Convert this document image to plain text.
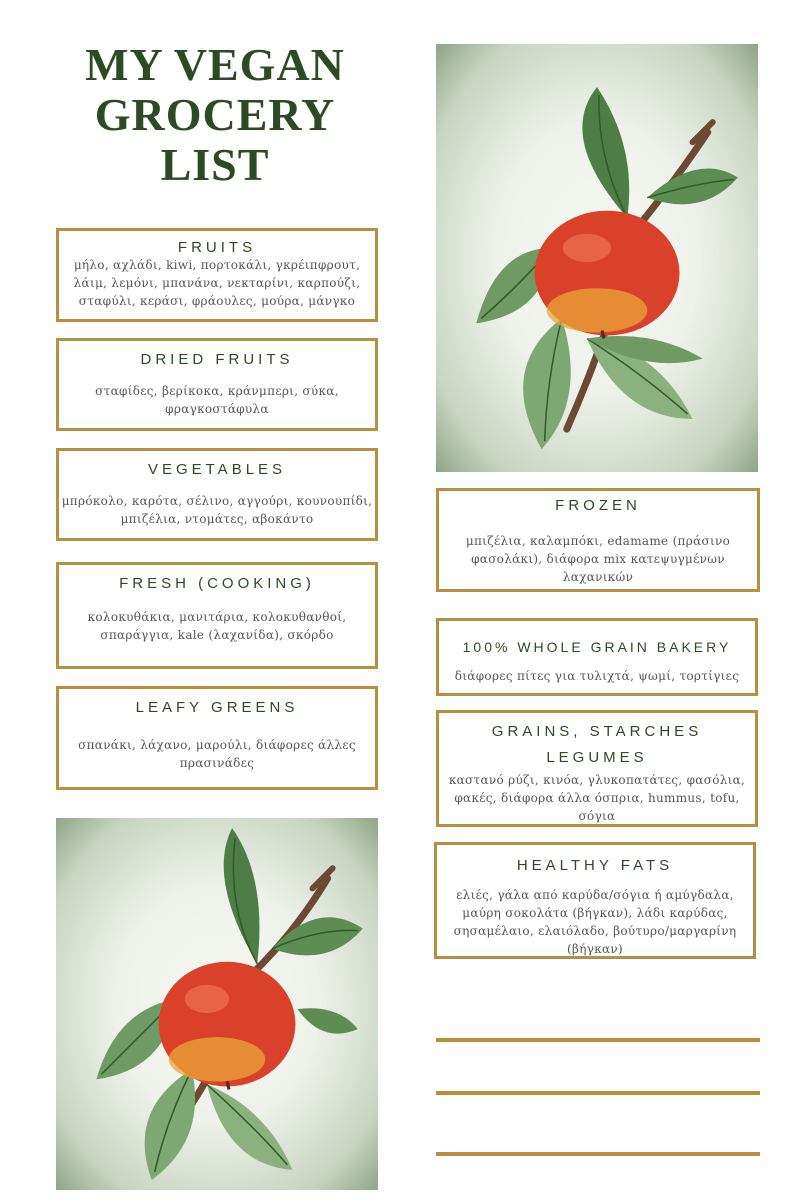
MY VEGAN
GROCERY
LIST
FRUITS

μήλο, αχλάδι, kiwi, πορτοκάλι, γκρέιπφρουτ, λάιμ, λεμόνι, μπανάνα, νεκταρίνι, καρπούζι, σταφύλι, κεράσι, φράουλες, μούρα, μάνγκο

DRIED FRUITS

σταφίδες, βερίκοκα, κράνμπερι, σύκα, φραγκοστάφυλα

VEGETABLES

μπρόκολο, καρότα, σέλινο, αγγούρι, κουνουπίδι, μπιζέλια, ντομάτες, αβοκάντο

FRESH (COOKING)

κολοκυθάκια, μανιτάρια, κολοκυθανθοί, σπαράγγια, kale (λαχανίδα), σκόρδο

LEAFY GREENS

σπανάκι, λάχανο, μαρούλι, διάφορες άλλες πρασινάδες

FROZEN

μπιζέλια, καλαμπόκι, edamame (πράσινο φασολάκι), διάφορα mix κατεψυγμένων λαχανικών

100% WHOLE GRAIN BAKERY

διάφορες πίτες για τυλιχτά, ψωμί, τορτίγιες

GRAINS, STARCHES
LEGUMES

καστανό ρύζι, κινόα, γλυκοπατάτες, φασόλια, φακές, διάφορα άλλα όσπρια, hummus, tofu, σόγια

HEALTHY FATS

ελιές, γάλα από καρύδα/σόγια ή αμύγδαλα, μαύρη σοκολάτα (βήγκαν), λάδι καρύδας, σησαμέλαιο, ελαιόλαδο, βούτυρο/μαργαρίνη (βήγκαν)
